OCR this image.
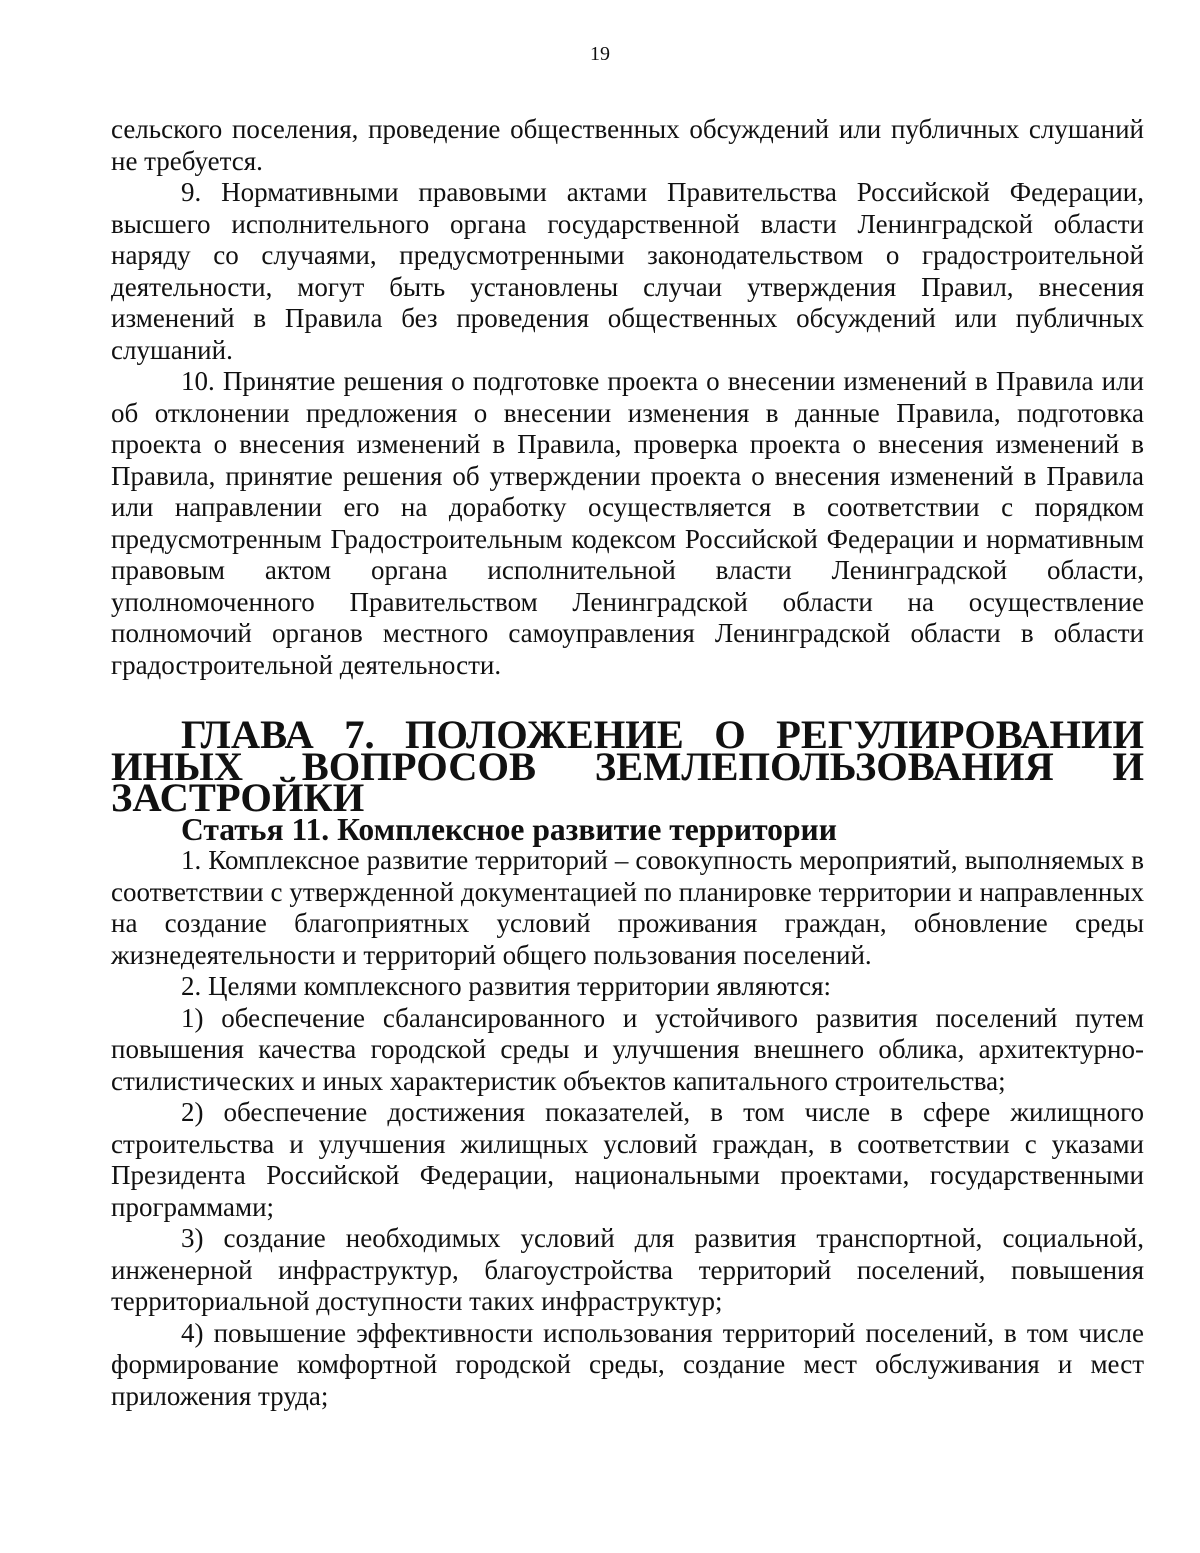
19

сельского поселения, проведение общественных обсуждений или публичных слушаний не требуется.

9. Нормативными правовыми актами Правительства Российской Федерации, высшего исполнительного органа государственной власти Ленинградской области наряду со случаями, предусмотренными законодательством о градостроительной деятельности, могут быть установлены случаи утверждения Правил, внесения изменений в Правила без проведения общественных обсуждений или публичных слушаний.

10. Принятие решения о подготовке проекта о внесении изменений в Правила или об отклонении предложения о внесении изменения в данные Правила, подготовка проекта о внесения изменений в Правила, проверка проекта о внесения изменений в Правила, принятие решения об утверждении проекта о внесения изменений в Правила или направлении его на доработку осуществляется в соответствии с порядком предусмотренным Градостроительным кодексом Российской Федерации и нормативным правовым актом органа исполнительной власти Ленинградской области, уполномоченного Правительством Ленинградской области на осуществление полномочий органов местного самоуправления Ленинградской области в области градостроительной деятельности.

ГЛАВА 7. ПОЛОЖЕНИЕ О РЕГУЛИРОВАНИИ ИНЫХ ВОПРОСОВ ЗЕМЛЕПОЛЬЗОВАНИЯ И ЗАСТРОЙКИ
Статья 11. Комплексное развитие территории

1. Комплексное развитие территорий – совокупность мероприятий, выполняемых в соответствии с утвержденной документацией по планировке территории и направленных на создание благоприятных условий проживания граждан, обновление среды жизнедеятельности и территорий общего пользования поселений.

2. Целями комплексного развития территории являются:

1) обеспечение сбалансированного и устойчивого развития поселений путем повышения качества городской среды и улучшения внешнего облика, архитектурно-стилистических и иных характеристик объектов капитального строительства;

2) обеспечение достижения показателей, в том числе в сфере жилищного строительства и улучшения жилищных условий граждан, в соответствии с указами Президента Российской Федерации, национальными проектами, государственными программами;

3) создание необходимых условий для развития транспортной, социальной, инженерной инфраструктур, благоустройства территорий поселений, повышения территориальной доступности таких инфраструктур;

4) повышение эффективности использования территорий поселений, в том числе формирование комфортной городской среды, создание мест обслуживания и мест приложения труда;
